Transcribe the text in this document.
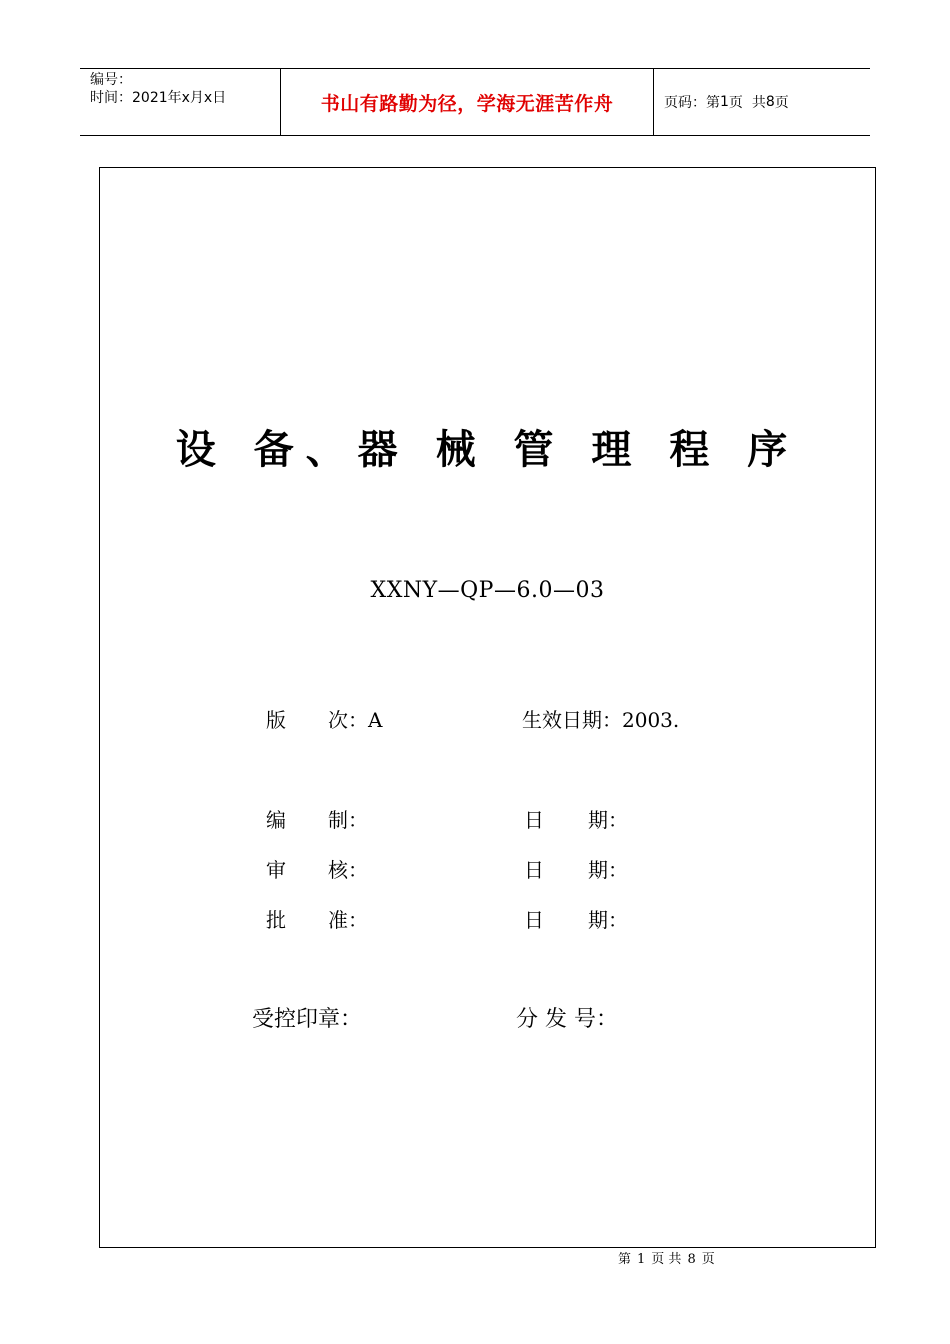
编号：
时间：2021年x月x日	书山有路勤为径，学海无涯苦作舟	页码：第 1 页  共 8 页
设 备、器 械 管 理 程 序
XXNY—QP—6.0—03
版 次：A	生效日期：2003.
编 制：	日 期：
审 核：	日 期：
批 准：	日 期：
受控印章：	分 发 号：
第 1 页 共 8 页
